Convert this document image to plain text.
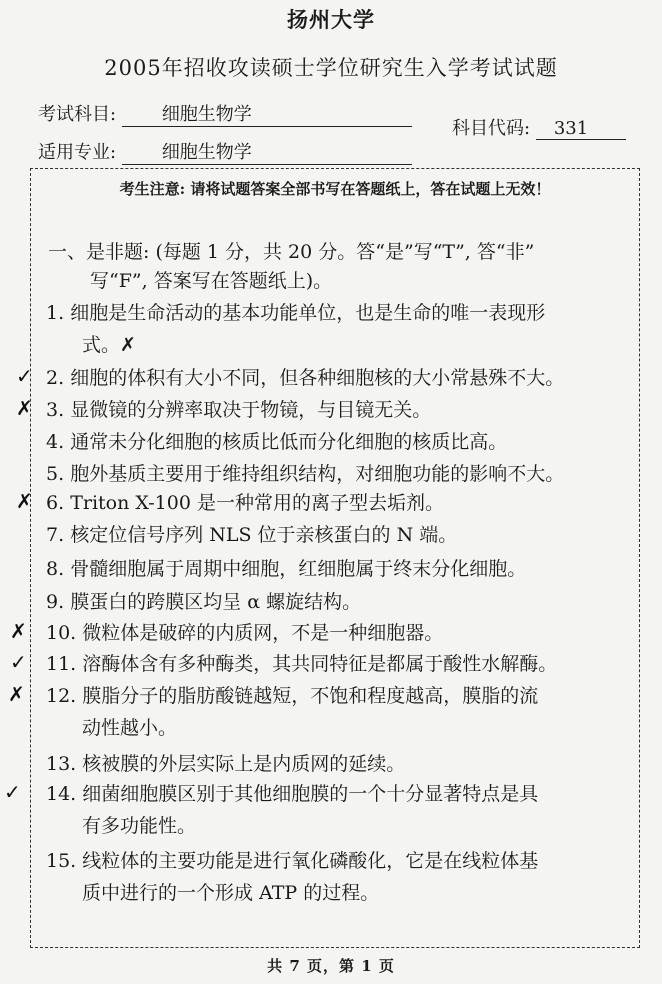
扬州大学
2005年招收攻读硕士学位研究生入学考试试题
考试科目:	细胞生物学
科目代码: 331
适用专业:	细胞生物学
考生注意: 请将试题答案全部书写在答题纸上，答在试题上无效！
一、是非题: (每题 1 分，共 20 分。答“是”写“T”, 答“非”
写“F”, 答案写在答题纸上)。
1. 细胞是生命活动的基本功能单位，也是生命的唯一表现形
式。✗
✓ 2. 细胞的体积有大小不同，但各种细胞核的大小常悬殊不大。
✗ 3. 显微镜的分辨率取决于物镜，与目镜无关。
4. 通常未分化细胞的核质比低而分化细胞的核质比高。
5. 胞外基质主要用于维持组织结构，对细胞功能的影响不大。
✗ 6. Triton X-100 是一种常用的离子型去垢剂。
7. 核定位信号序列 NLS 位于亲核蛋白的 N 端。
8. 骨髓细胞属于周期中细胞，红细胞属于终末分化细胞。
9. 膜蛋白的跨膜区均呈 α 螺旋结构。
✗ 10. 微粒体是破碎的内质网，不是一种细胞器。
✓ 11. 溶酶体含有多种酶类，其共同特征是都属于酸性水解酶。
✗ 12. 膜脂分子的脂肪酸链越短，不饱和程度越高，膜脂的流
动性越小。
13. 核被膜的外层实际上是内质网的延续。
✓ 14. 细菌细胞膜区别于其他细胞膜的一个十分显著特点是具
有多功能性。
15. 线粒体的主要功能是进行氧化磷酸化，它是在线粒体基
质中进行的一个形成 ATP 的过程。
共 7 页，第 1 页
